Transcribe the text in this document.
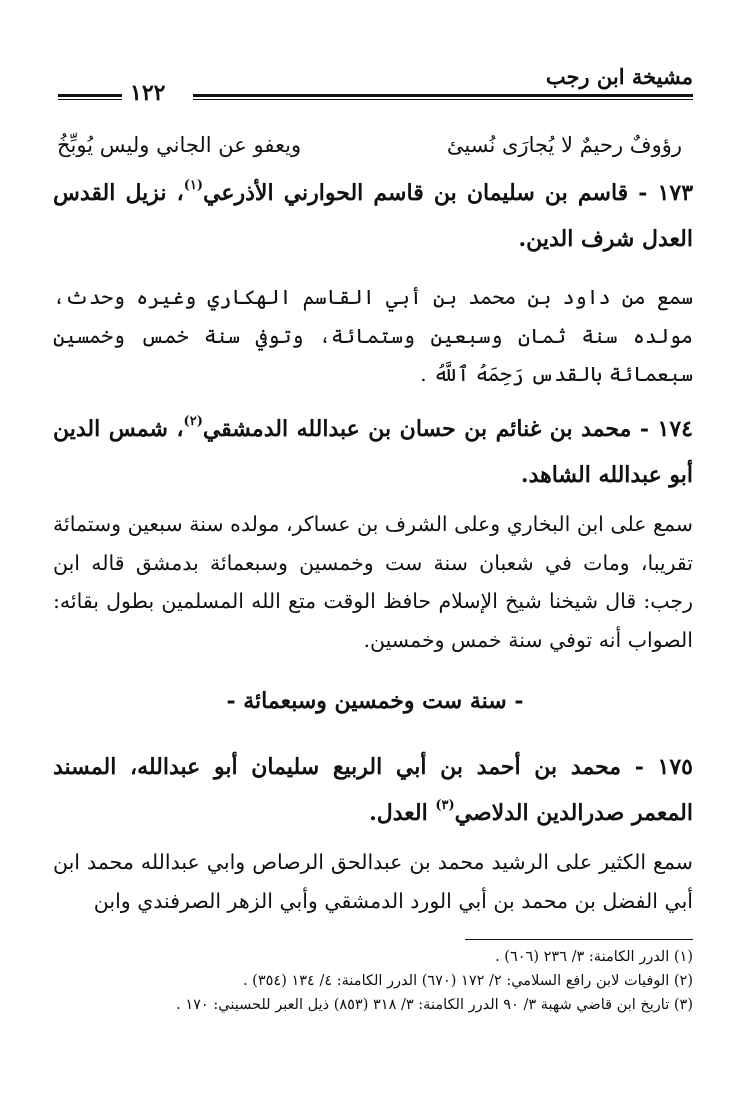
مشيخة ابن رجب
١٢٢
رؤوفٌ رحيمٌ لا يُجارَى نُسيئ
ويعفو عن الجاني وليس يُوبِّخُ
١٧٣ - قاسم بن سليمان بن قاسم الحوارني الأذرعي$^{(١)}$، نزيل القدس العدل شرف الدين.
سمع من داود بن محمد بن أبي القاسم الهكاري وغيره وحدث، مولده سنة ثمان وسبعين وستمائة، وتوفي سنة خمس وخمسين سبعمائة بالقدس رَحِمَهُ ٱللَّهُ .
١٧٤ - محمد بن غنائم بن حسان بن عبدالله الدمشقي$^{(٢)}$، شمس الدين أبو عبدالله الشاهد.
سمع على ابن البخاري وعلى الشرف بن عساكر، مولده سنة سبعين وستمائة تقريبا، ومات في شعبان سنة ست وخمسين وسبعمائة بدمشق قاله ابن رجب: قال شيخنا شيخ الإسلام حافظ الوقت متع الله المسلمين بطول بقائه: الصواب أنه توفي سنة خمس وخمسين.
- سنة ست وخمسين وسبعمائة -
١٧٥ - محمد بن أحمد بن أبي الربيع سليمان أبو عبدالله، المسند المعمر صدرالدين الدلاصي$^{(٣)}$ العدل.
سمع الكثير على الرشيد محمد بن عبدالحق الرصاص وابي عبدالله محمد ابن أبي الفضل بن محمد بن أبي الورد الدمشقي وأبي الزهر الصرفندي وابن
(١) الدرر الكامنة: ٣/ ٢٣٦ (٦٠٦) .
(٢) الوفيات لابن رافع السلامي: ٢/ ١٧٢ (٦٧٠) الدرر الكامنة: ٤/ ١٣٤ (٣٥٤) .
(٣) تاريخ ابن قاضي شهبة ٣/ ٩٠ الدرر الكامنة: ٣/ ٣١٨ (٨٥٣) ذيل العبر للحسيني: ١٧٠ .
